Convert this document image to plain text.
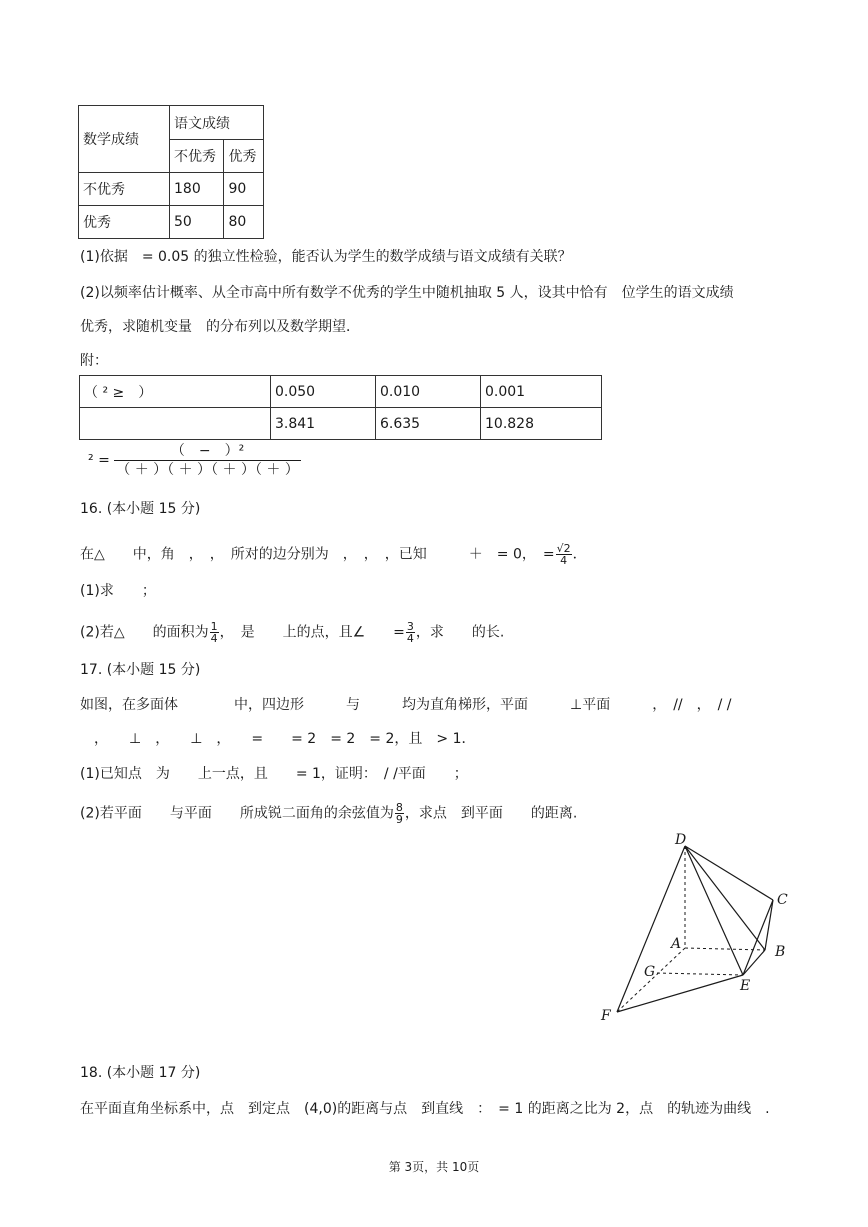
数学成绩	语文成绩	
	不优秀	优秀
不优秀	180	90
优秀	50	80
(1)依据　= 0.05 的独立性检验，能否认为学生的数学成绩与语文成绩有关联？
(2)以频率估计概率、从全市高中所有数学不优秀的学生中随机抽取 5 人，设其中恰有　位学生的语文成绩
优秀，求随机变量　的分布列以及数学期望．
附：
（ ² ≥　）	0.050	0.010	0.001
	3.841	6.635	10.828
² =
（　−　）²
（ ＋ ）（ ＋ ）（ ＋ ）（ ＋ ）
16. (本小题 15 分)
在△　　中，角　，　，　所对的边分别为　，　，　，已知　　　＋　= 0，　= $\frac{√2}{4}$ ．
(1)求　　；
(2)若△　　的面积为 $\frac{1}{4}$ ，　是　　上的点，且∠　　= $\frac{3}{4}$ ，求　　的长.
17. (本小题 15 分)
如图，在多面体　　　　中，四边形　　　与　　　均为直角梯形，平面　　　⊥平面　　　，　//　，　/ /
　，　　⊥　，　　⊥　，　　=　　= 2　= 2　= 2，且　> 1．
(1)已知点　为　　上一点，且　　= 1，证明：　/ /平面　　；
(2)若平面　　与平面　　所成锐二面角的余弦值为 $\frac{8}{9}$ ，求点　到平面　　的距离.
D
C
A	B
G
E
F
18. (本小题 17 分)
在平面直角坐标系中，点　到定点　(4,0)的距离与点　到直线　：　= 1 的距离之比为 2，点　的轨迹为曲线　.
第 3页，共 10页
